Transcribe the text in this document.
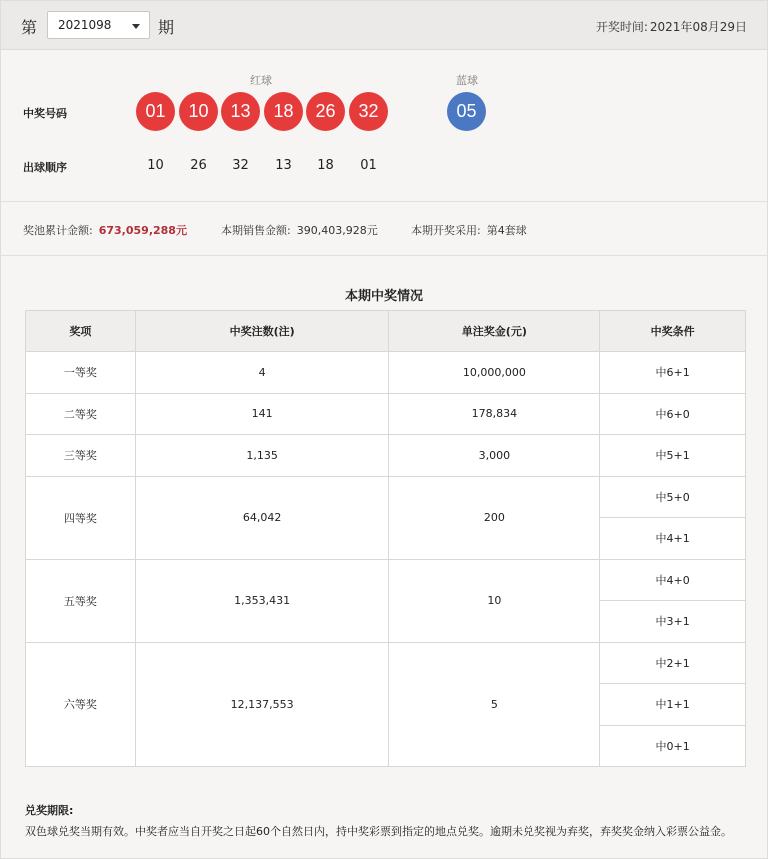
第	2021098	期	开奖时间: 2021年08月29日
红球	蓝球
中奖号码
出球顺序
01	10	13	18	26	32	05
10	26	32	13	18	01
奖池累计金额: 673,059,288元	本期销售金额: 390,403,928元	本期开奖采用: 第4套球
本期中奖情况
奖项	中奖注数(注)	单注奖金(元)	中奖条件
一等奖	4	10,000,000	中6+1
二等奖	141	178,834	中6+0
三等奖	1,135	3,000	中5+1
四等奖	64,042	200	中5+0
			中4+1
五等奖	1,353,431	10	中4+0
			中3+1
六等奖	12,137,553	5	中2+1
			中1+1
			中0+1
兑奖期限:
双色球兑奖当期有效。中奖者应当自开奖之日起60个自然日内，持中奖彩票到指定的地点兑奖。逾期未兑奖视为弃奖，弃奖奖金纳入彩票公益金。
